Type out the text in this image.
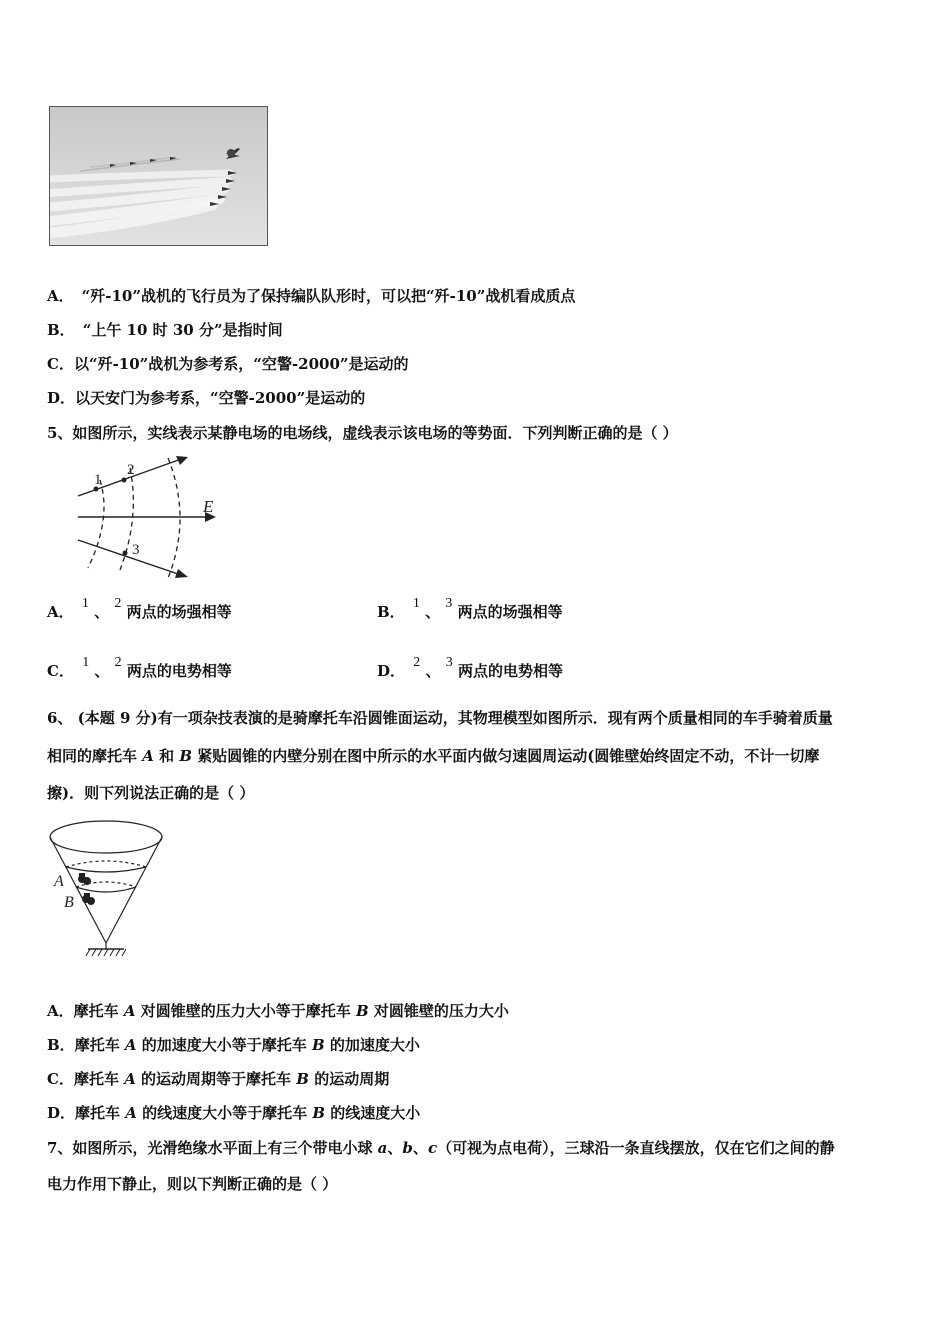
A． “歼-10”战机的飞行员为了保持编队队形时，可以把“歼-10”战机看成质点
B． “上午 10 时 30 分”是指时间
C．以“歼-10”战机为参考系，“空警-2000”是运动的
D．以天安门为参考系，“空警-2000”是运动的
5、如图所示，实线表示某静电场的电场线，虚线表示该电场的等势面．下列判断正确的是（ ）
1
2
3
E
A． 1 、 2 两点的场强相等	B． 1 、 3 两点的场强相等
C． 1 、 2 两点的电势相等	D． 2 、 3 两点的电势相等
6、 (本题 9 分)有一项杂技表演的是骑摩托车沿圆锥面运动，其物理模型如图所示．现有两个质量相同的车手骑着质量
相同的摩托车 A 和 B 紧贴圆锥的内壁分别在图中所示的水平面内做匀速圆周运动(圆锥壁始终固定不动，不计一切摩
擦)．则下列说法正确的是（ ）
A
B
A．摩托车 A 对圆锥壁的压力大小等于摩托车 B 对圆锥壁的压力大小
B．摩托车 A 的加速度大小等于摩托车 B 的加速度大小
C．摩托车 A 的运动周期等于摩托车 B 的运动周期
D．摩托车 A 的线速度大小等于摩托车 B 的线速度大小
7、如图所示，光滑绝缘水平面上有三个带电小球 a、b、c（可视为点电荷），三球沿一条直线摆放，仅在它们之间的静
电力作用下静止，则以下判断正确的是（ ）
